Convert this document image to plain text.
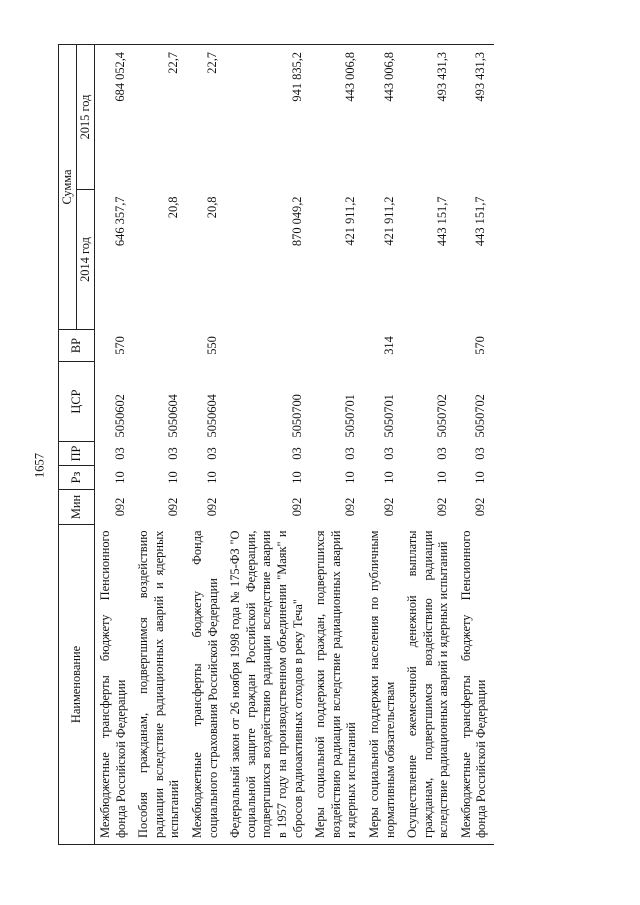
1657
Наименование	Мин	Рз	ПР	ЦСР	ВР	Сумма	
						2014 год	2015 год
Межбюджетные трансферты бюджету Пенсионного фонда Российской Федерации	092	10	03	5050602	570	646 357,7	684 052,4
Пособия гражданам, подвергшимся воздействию радиации вследствие радиационных аварий и ядерных испытаний	092	10	03	5050604		20,8	22,7
Межбюджетные трансферты бюджету Фонда социального страхования Российской Федерации	092	10	03	5050604	550	20,8	22,7
Федеральный закон от 26 ноября 1998 года № 175-ФЗ "О социальной защите граждан Российской Федерации, подвергшихся воздействию радиации вследствие аварии в 1957 году на производственном объединении "Маяк" и сбросов радиоактивных отходов в реку Теча"	092	10	03	5050700		870 049,2	941 835,2
Меры социальной поддержки граждан, подвергшихся воздействию радиации вследствие радиационных аварий и ядерных испытаний	092	10	03	5050701		421 911,2	443 006,8
Меры социальной поддержки населения по публичным нормативным обязательствам	092	10	03	5050701	314	421 911,2	443 006,8
Осуществление ежемесячной денежной выплаты гражданам, подвергшимся воздействию радиации вследствие радиационных аварий и ядерных испытаний	092	10	03	5050702		443 151,7	493 431,3
Межбюджетные трансферты бюджету Пенсионного фонда Российской Федерации	092	10	03	5050702	570	443 151,7	493 431,3
